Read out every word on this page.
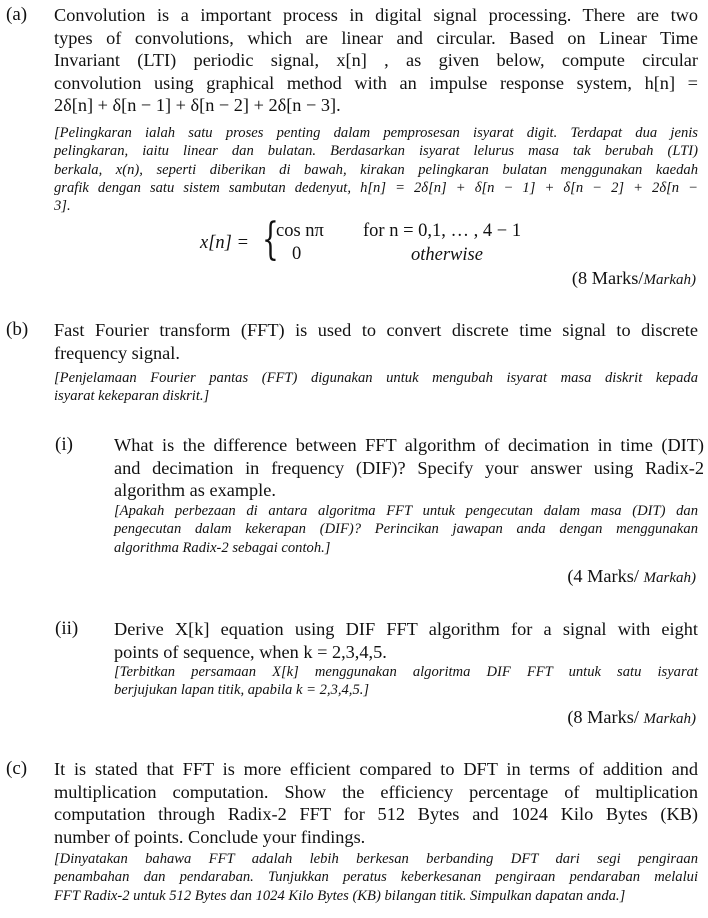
(a) Convolution is a important process in digital signal processing. There are two
types of convolutions, which are linear and circular. Based on Linear Time
Invariant (LTI) periodic signal, x[n] , as given below, compute circular
convolution using graphical method with an impulse response system, h[n] =
2δ[n] + δ[n − 1] + δ[n − 2] + 2δ[n − 3].
[Pelingkaran ialah satu proses penting dalam pemprosesan isyarat digit. Terdapat dua jenis
pelingkaran, iaitu linear dan bulatan. Berdasarkan isyarat lelurus masa tak berubah (LTI)
berkala, x(n), seperti diberikan di bawah, kirakan pelingkaran bulatan menggunakan kaedah
grafik dengan satu sistem sambutan dedenyut, h[n] = 2δ[n] + δ[n − 1] + δ[n − 2] + 2δ[n −
3].
x[n] = {
cos nπ
0
for n = 0,1, … , 4 − 1
otherwise
(8 Marks/Markah)
(b) Fast Fourier transform (FFT) is used to convert discrete time signal to discrete
frequency signal.
[Penjelamaan Fourier pantas (FFT) digunakan untuk mengubah isyarat masa diskrit kepada
isyarat kekeparan diskrit.]
(i) What is the difference between FFT algorithm of decimation in time (DIT)
and decimation in frequency (DIF)? Specify your answer using Radix-2
algorithm as example.
[Apakah perbezaan di antara algoritma FFT untuk pengecutan dalam masa (DIT) dan
pengecutan dalam kekerapan (DIF)? Perincikan jawapan anda dengan menggunakan
algorithma Radix-2 sebagai contoh.]
(4 Marks/ Markah)
(ii) Derive X[k] equation using DIF FFT algorithm for a signal with eight
points of sequence, when k = 2,3,4,5.
[Terbitkan persamaan X[k] menggunakan algoritma DIF FFT untuk satu isyarat
berjujukan lapan titik, apabila k = 2,3,4,5.]
(8 Marks/ Markah)
(c) It is stated that FFT is more efficient compared to DFT in terms of addition and
multiplication computation. Show the efficiency percentage of multiplication
computation through Radix-2 FFT for 512 Bytes and 1024 Kilo Bytes (KB)
number of points. Conclude your findings.
[Dinyatakan bahawa FFT adalah lebih berkesan berbanding DFT dari segi pengiraan
penambahan dan pendaraban. Tunjukkan peratus keberkesanan pengiraan pendaraban melalui
FFT Radix-2 untuk 512 Bytes dan 1024 Kilo Bytes (KB) bilangan titik. Simpulkan dapatan anda.]
